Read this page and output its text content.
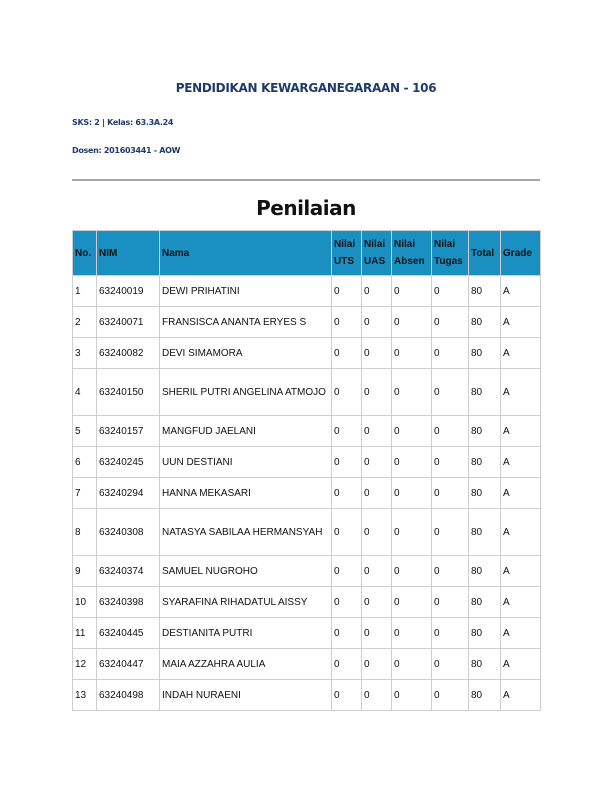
PENDIDIKAN KEWARGANEGARAAN - 106
SKS: 2 | Kelas: 63.3A.24
Dosen: 201603441 - AOW
Penilaian
No.	NIM	Nama	Nilai UTS	Nilai UAS	Nilai Absen	Nilai Tugas	Total	Grade
1	63240019	DEWI PRIHATINI	0	0	0	0	80	A
2	63240071	FRANSISCA ANANTA ERYES S	0	0	0	0	80	A
3	63240082	DEVI SIMAMORA	0	0	0	0	80	A
4	63240150	SHERIL PUTRI ANGELINA ATMOJO	0	0	0	0	80	A
5	63240157	MANGFUD JAELANI	0	0	0	0	80	A
6	63240245	UUN DESTIANI	0	0	0	0	80	A
7	63240294	HANNA MEKASARI	0	0	0	0	80	A
8	63240308	NATASYA SABILAA HERMANSYAH	0	0	0	0	80	A
9	63240374	SAMUEL NUGROHO	0	0	0	0	80	A
10	63240398	SYARAFINA RIHADATUL AISSY	0	0	0	0	80	A
11	63240445	DESTIANITA PUTRI	0	0	0	0	80	A
12	63240447	MAIA AZZAHRA AULIA	0	0	0	0	80	A
13	63240498	INDAH NURAENI	0	0	0	0	80	A
